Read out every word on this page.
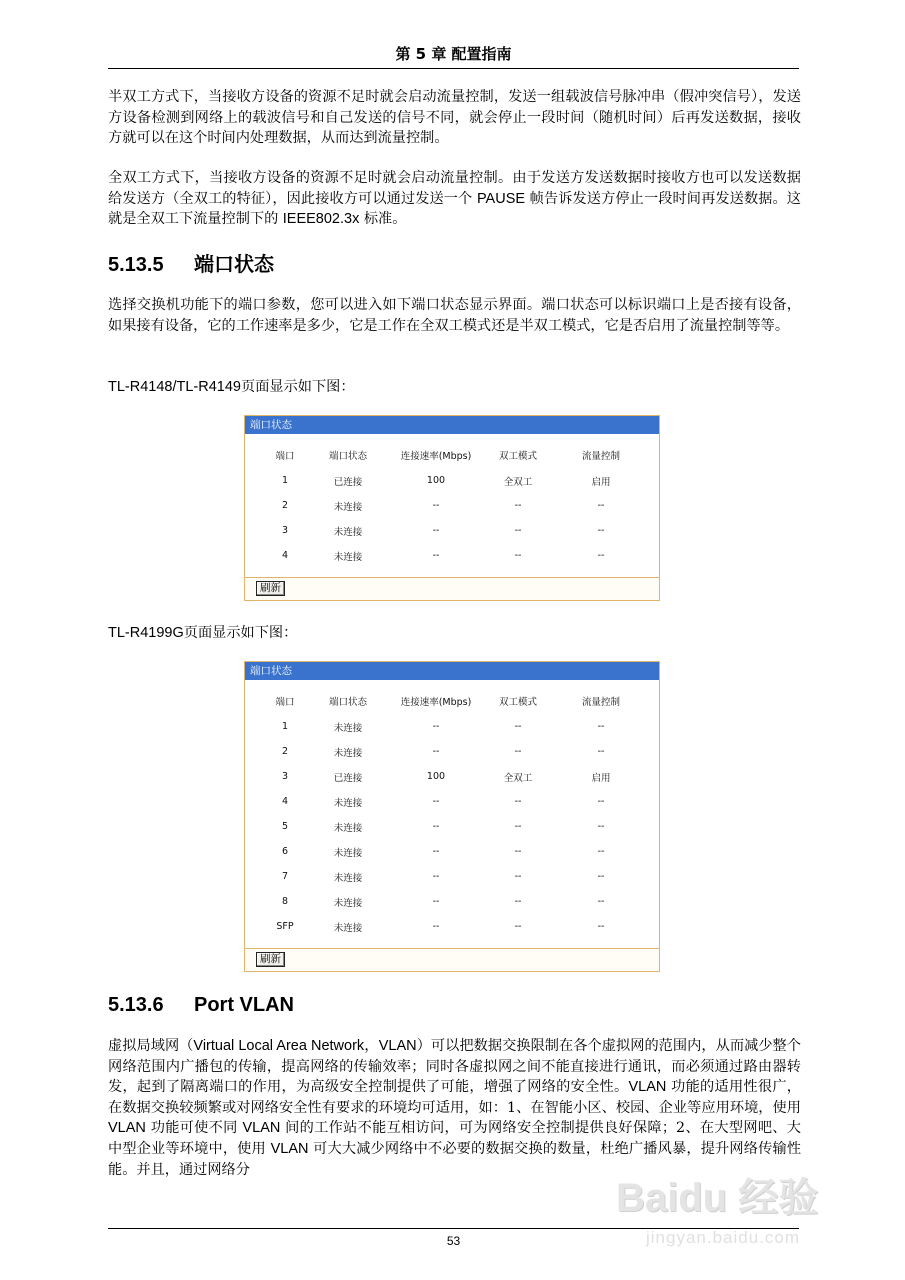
第 5 章 配置指南

半双工方式下，当接收方设备的资源不足时就会启动流量控制，发送一组载波信号脉冲串（假冲突信号），发送方设备检测到网络上的载波信号和自己发送的信号不同，就会停止一段时间（随机时间）后再发送数据，接收方就可以在这个时间内处理数据，从而达到流量控制。

全双工方式下，当接收方设备的资源不足时就会启动流量控制。由于发送方发送数据时接收方也可以发送数据给发送方（全双工的特征），因此接收方可以通过发送一个 PAUSE 帧告诉发送方停止一段时间再发送数据。这就是全双工下流量控制下的 IEEE802.3x 标准。

5.13.5 端口状态

选择交换机功能下的端口参数，您可以进入如下端口状态显示界面。端口状态可以标识端口上是否接有设备，如果接有设备，它的工作速率是多少，它是工作在全双工模式还是半双工模式，它是否启用了流量控制等等。

TL-R4148/TL-R4149页面显示如下图：
端口状态
端口	端口状态	连接速率(Mbps)	双工模式	流量控制
1	已连接	100	全双工	启用
2	未连接	--	--	--
3	未连接	--	--	--
4	未连接	--	--	--
刷新
TL-R4199G页面显示如下图：
端口状态
端口	端口状态	连接速率(Mbps)	双工模式	流量控制
1	未连接	--	--	--
2	未连接	--	--	--
3	已连接	100	全双工	启用
4	未连接	--	--	--
5	未连接	--	--	--
6	未连接	--	--	--
7	未连接	--	--	--
8	未连接	--	--	--
SFP	未连接	--	--	--
刷新
5.13.6 Port VLAN

虚拟局域网（Virtual Local Area Network，VLAN）可以把数据交换限制在各个虚拟网的范围内，从而减少整个网络范围内广播包的传输，提高网络的传输效率；同时各虚拟网之间不能直接进行通讯，而必须通过路由器转发，起到了隔离端口的作用，为高级安全控制提供了可能，增强了网络的安全性。VLAN 功能的适用性很广，在数据交换较频繁或对网络安全性有要求的环境均可适用，如：1、在智能小区、校园、企业等应用环境，使用 VLAN 功能可使不同 VLAN 间的工作站不能互相访问，可为网络安全控制提供良好保障；2、在大型网吧、大中型企业等环境中，使用 VLAN 可大大减少网络中不必要的数据交换的数量，杜绝广播风暴，提升网络传输性能。并且，通过网络分

53
Baidu 经验
jingyan.baidu.com
